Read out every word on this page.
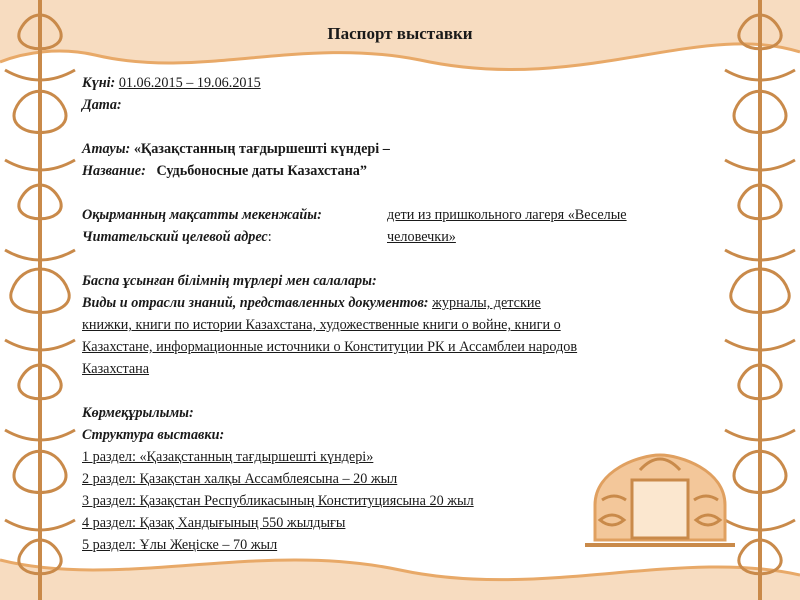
Паспорт выставки
Күні: 01.06.2015 – 19.06.2015
Дата:
Атауы: «Қазақстанның тағдыршешті күндері –
Название: Судьбоносные даты Казахстана”
Оқырманның мақсатты мекенжайы:
Читательский целевой адрес:
дети из пришкольного лагеря «Веселые
человечки»
Баспа ұсынған білімнің түрлері мен салалары:
Виды и отрасли знаний, представленных документов: журналы, детские
книжки, книги по истории Казахстана, художественные книги о войне, книги о
Казахстане, информационные источники о Конституции РК и Ассамблеи народов
Казахстана
Көрмеқұрылымы:
Структура выставки:
1 раздел: «Қазақстанның тағдыршешті күндері»
2 раздел: Қазақстан халқы Ассамблеясына – 20 жыл
3 раздел: Қазақстан Республикасының Конституциясына 20 жыл
4 раздел: Қазақ Хандығының 550 жылдығы
5 раздел: Ұлы Жеңіске – 70 жыл
